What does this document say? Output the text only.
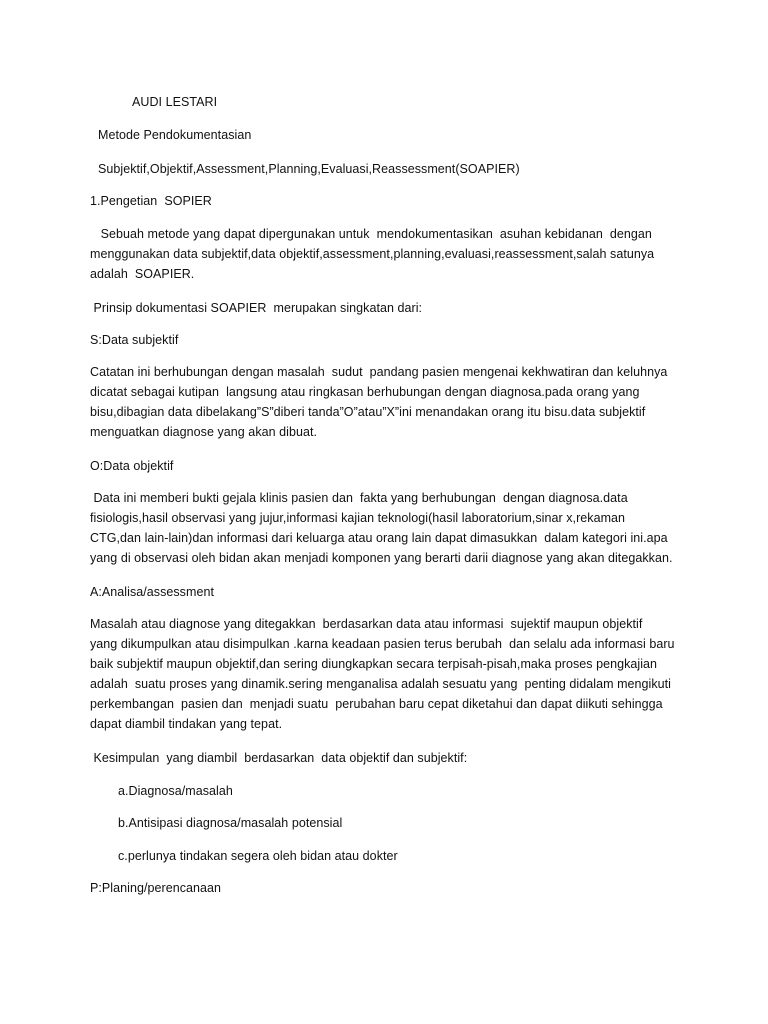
AUDI LESTARI
Metode Pendokumentasian
Subjektif,Objektif,Assessment,Planning,Evaluasi,Reassessment(SOAPIER)
1.Pengetian  SOPIER
Sebuah metode yang dapat dipergunakan untuk  mendokumentasikan  asuhan kebidanan  dengan
menggunakan data subjektif,data objektif,assessment,planning,evaluasi,reassessment,salah satunya
adalah  SOAPIER.
Prinsip dokumentasi SOAPIER  merupakan singkatan dari:
S:Data subjektif
Catatan ini berhubungan dengan masalah  sudut  pandang pasien mengenai kekhwatiran dan keluhnya
dicatat sebagai kutipan  langsung atau ringkasan berhubungan dengan diagnosa.pada orang yang
bisu,dibagian data dibelakang”S”diberi tanda”O”atau”X”ini menandakan orang itu bisu.data subjektif
menguatkan diagnose yang akan dibuat.
O:Data objektif
Data ini memberi bukti gejala klinis pasien dan  fakta yang berhubungan  dengan diagnosa.data
fisiologis,hasil observasi yang jujur,informasi kajian teknologi(hasil laboratorium,sinar x,rekaman
CTG,dan lain-lain)dan informasi dari keluarga atau orang lain dapat dimasukkan  dalam kategori ini.apa
yang di observasi oleh bidan akan menjadi komponen yang berarti darii diagnose yang akan ditegakkan.
A:Analisa/assessment
Masalah atau diagnose yang ditegakkan  berdasarkan data atau informasi  sujektif maupun objektif
yang dikumpulkan atau disimpulkan .karna keadaan pasien terus berubah  dan selalu ada informasi baru
baik subjektif maupun objektif,dan sering diungkapkan secara terpisah-pisah,maka proses pengkajian
adalah  suatu proses yang dinamik.sering menganalisa adalah sesuatu yang  penting didalam mengikuti
perkembangan  pasien dan  menjadi suatu  perubahan baru cepat diketahui dan dapat diikuti sehingga
dapat diambil tindakan yang tepat.
Kesimpulan  yang diambil  berdasarkan  data objektif dan subjektif:
a.Diagnosa/masalah
b.Antisipasi diagnosa/masalah potensial
c.perlunya tindakan segera oleh bidan atau dokter
P:Planing/perencanaan
